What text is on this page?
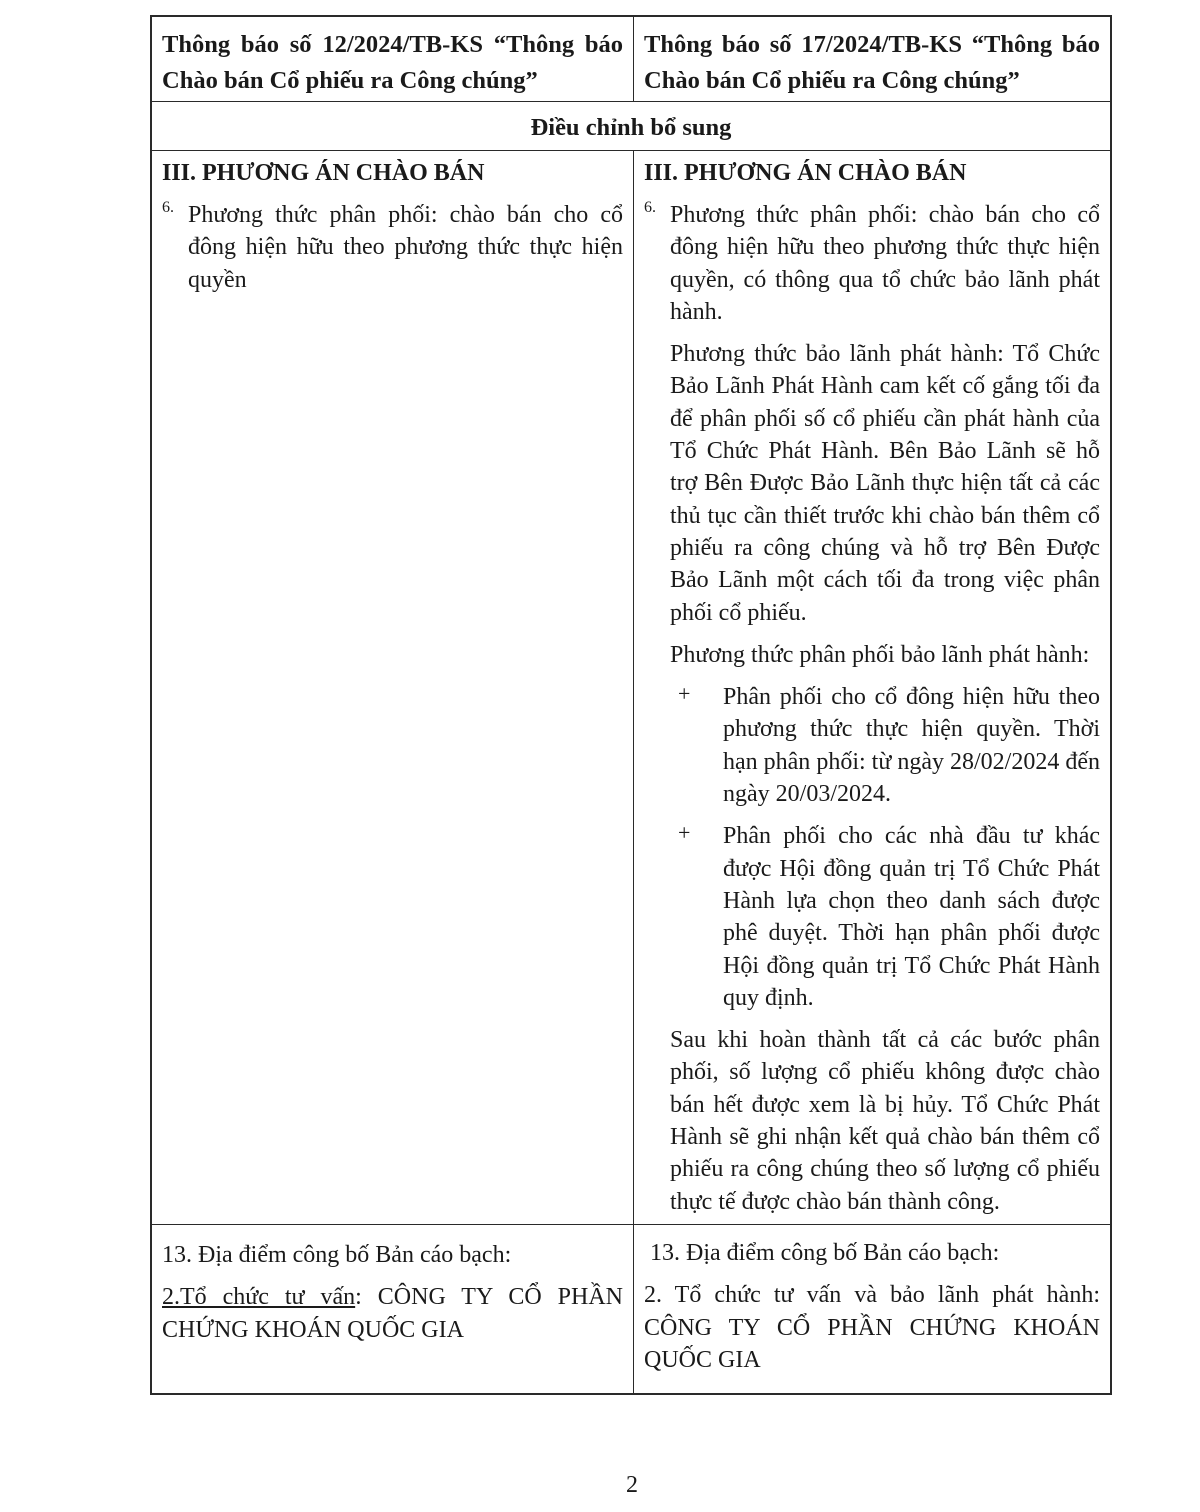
Thông báo số 12/2024/TB-KS “Thông báo Chào bán Cổ phiếu ra Công chúng”
Thông báo số 17/2024/TB-KS “Thông báo Chào bán Cổ phiếu ra Công chúng”
Điều chỉnh bổ sung
III. PHƯƠNG ÁN CHÀO BÁN
6. Phương thức phân phối: chào bán cho cổ đông hiện hữu theo phương thức thực hiện quyền

III. PHƯƠNG ÁN CHÀO BÁN
6. Phương thức phân phối: chào bán cho cổ đông hiện hữu theo phương thức thực hiện quyền, có thông qua tổ chức bảo lãnh phát hành.

Phương thức bảo lãnh phát hành: Tổ Chức Bảo Lãnh Phát Hành cam kết cố gắng tối đa để phân phối số cổ phiếu cần phát hành của Tổ Chức Phát Hành. Bên Bảo Lãnh sẽ hỗ trợ Bên Được Bảo Lãnh thực hiện tất cả các thủ tục cần thiết trước khi chào bán thêm cổ phiếu ra công chúng và hỗ trợ Bên Được Bảo Lãnh một cách tối đa trong việc phân phối cổ phiếu.

Phương thức phân phối bảo lãnh phát hành:

+	Phân phối cho cổ đông hiện hữu theo phương thức thực hiện quyền. Thời hạn phân phối: từ ngày 28/02/2024 đến ngày 20/03/2024.
+	Phân phối cho các nhà đầu tư khác được Hội đồng quản trị Tổ Chức Phát Hành lựa chọn theo danh sách được phê duyệt. Thời hạn phân phối được Hội đồng quản trị Tổ Chức Phát Hành quy định.

Sau khi hoàn thành tất cả các bước phân phối, số lượng cổ phiếu không được chào bán hết được xem là bị hủy. Tổ Chức Phát Hành sẽ ghi nhận kết quả chào bán thêm cổ phiếu ra công chúng theo số lượng cổ phiếu thực tế được chào bán thành công.

13. Địa điểm công bố Bản cáo bạch:

2.Tổ chức tư vấn: CÔNG TY CỔ PHẦN CHỨNG KHOÁN QUỐC GIA

13. Địa điểm công bố Bản cáo bạch:

2. Tổ chức tư vấn và bảo lãnh phát hành: CÔNG TY CỔ PHẦN CHỨNG KHOÁN QUỐC GIA

2
